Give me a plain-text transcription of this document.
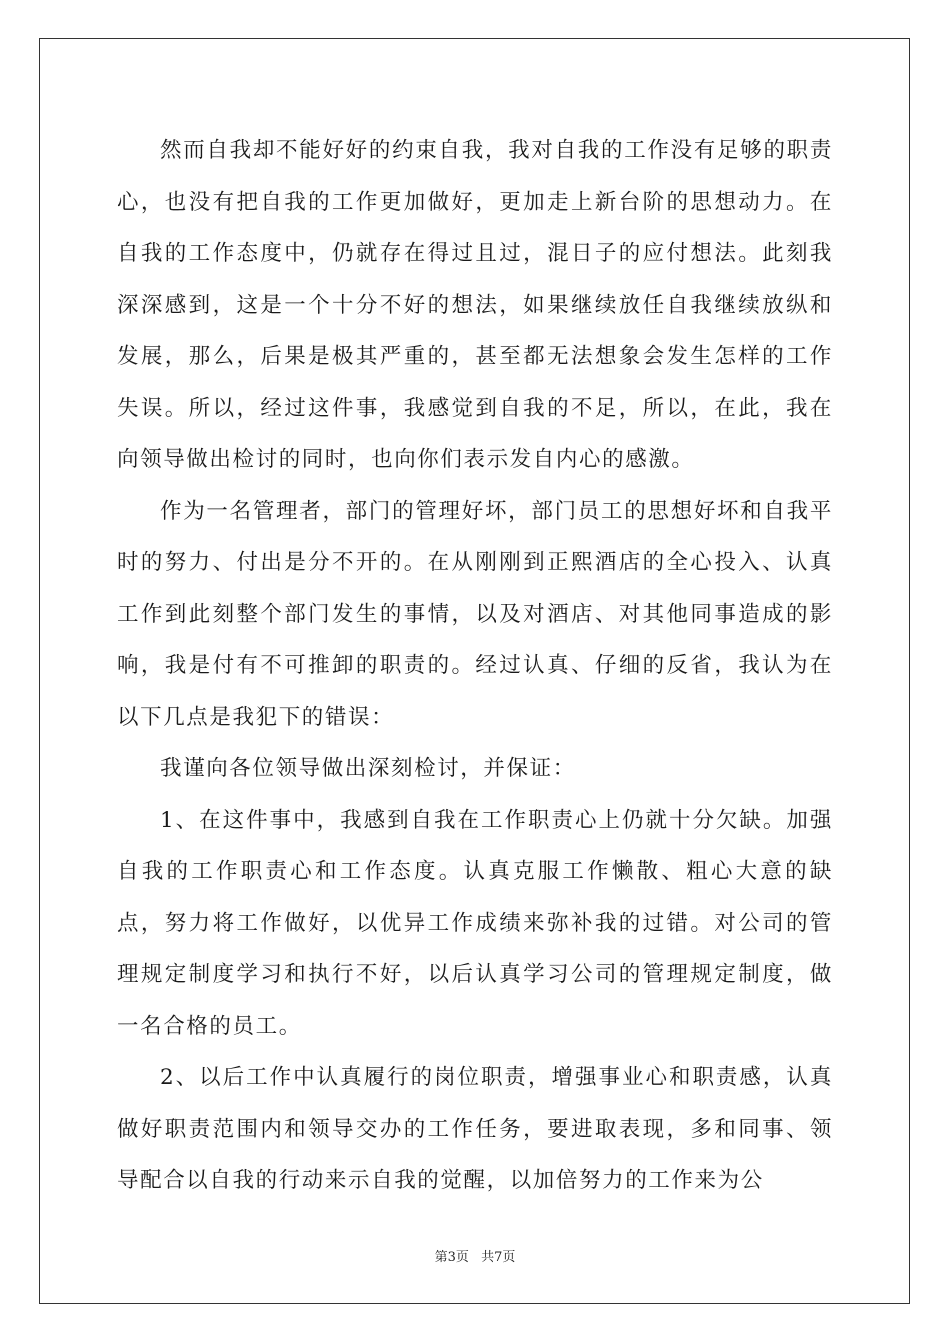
然而自我却不能好好的约束自我，我对自我的工作没有足够的职责心，也没有把自我的工作更加做好，更加走上新台阶的思想动力。在自我的工作态度中，仍就存在得过且过，混日子的应付想法。此刻我深深感到，这是一个十分不好的想法，如果继续放任自我继续放纵和发展，那么，后果是极其严重的，甚至都无法想象会发生怎样的工作失误。所以，经过这件事，我感觉到自我的不足，所以，在此，我在向领导做出检讨的同时，也向你们表示发自内心的感激。

作为一名管理者，部门的管理好坏，部门员工的思想好坏和自我平时的努力、付出是分不开的。在从刚刚到正熙酒店的全心投入、认真工作到此刻整个部门发生的事情，以及对酒店、对其他同事造成的影响，我是付有不可推卸的职责的。经过认真、仔细的反省，我认为在以下几点是我犯下的错误：

我谨向各位领导做出深刻检讨，并保证：

1、在这件事中，我感到自我在工作职责心上仍就十分欠缺。加强自我的工作职责心和工作态度。认真克服工作懒散、粗心大意的缺点，努力将工作做好，以优异工作成绩来弥补我的过错。对公司的管理规定制度学习和执行不好，以后认真学习公司的管理规定制度，做一名合格的员工。

2、以后工作中认真履行的岗位职责，增强事业心和职责感，认真做好职责范围内和领导交办的工作任务，要进取表现，多和同事、领导配合以自我的行动来示自我的觉醒，以加倍努力的工作来为公

第3页 共7页
